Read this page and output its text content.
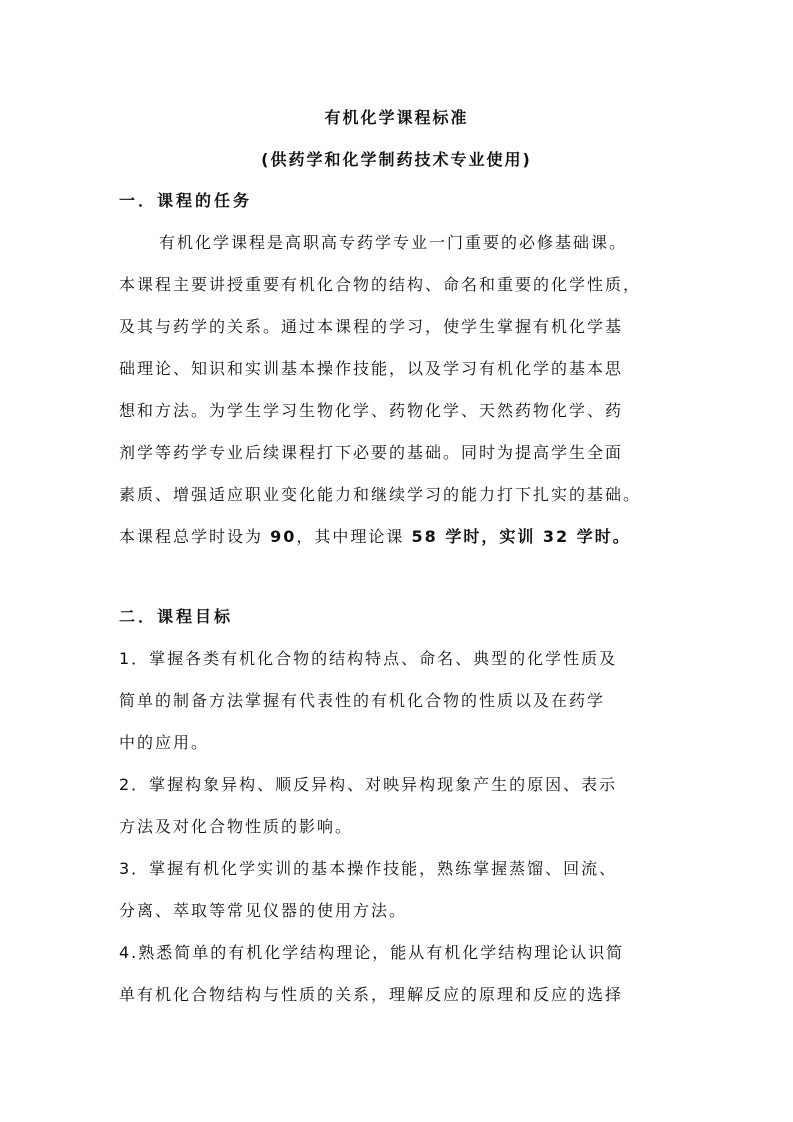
有机化学课程标准
(供药学和化学制药技术专业使用)
一．课程的任务
有机化学课程是高职高专药学专业一门重要的必修基础课。
本课程主要讲授重要有机化合物的结构、命名和重要的化学性质，
及其与药学的关系。通过本课程的学习，使学生掌握有机化学基
础理论、知识和实训基本操作技能，以及学习有机化学的基本思
想和方法。为学生学习生物化学、药物化学、天然药物化学、药
剂学等药学专业后续课程打下必要的基础。同时为提高学生全面
素质、增强适应职业变化能力和继续学习的能力打下扎实的基础。
本课程总学时设为 90，其中理论课 58 学时，实训 32 学时。
二．课程目标
1．掌握各类有机化合物的结构特点、命名、典型的化学性质及
简单的制备方法掌握有代表性的有机化合物的性质以及在药学
中的应用。
2．掌握构象异构、顺反异构、对映异构现象产生的原因、表示
方法及对化合物性质的影响。
3．掌握有机化学实训的基本操作技能，熟练掌握蒸馏、回流、
分离、萃取等常见仪器的使用方法。
4.熟悉简单的有机化学结构理论，能从有机化学结构理论认识简
单有机化合物结构与性质的关系，理解反应的原理和反应的选择
